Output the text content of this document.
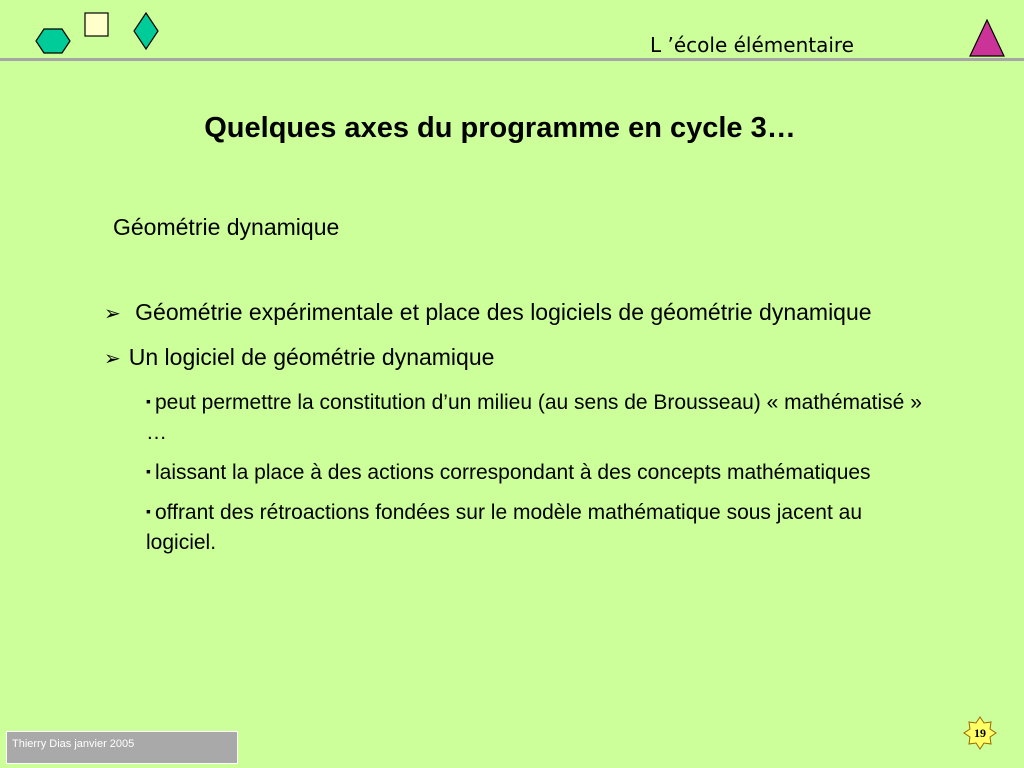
L ’école élémentaire
Quelques axes du programme en cycle 3…
Géométrie dynamique

➢ Géométrie expérimentale et place des logiciels de géométrie dynamique

➢ Un logiciel de géométrie dynamique

▪ peut permettre la constitution d’un milieu (au sens de Brousseau) « mathématisé » …

▪ laissant la place à des actions correspondant à des concepts mathématiques

▪ offrant des rétroactions fondées sur le modèle mathématique sous jacent au logiciel.

Thierry Dias janvier 2005
19
